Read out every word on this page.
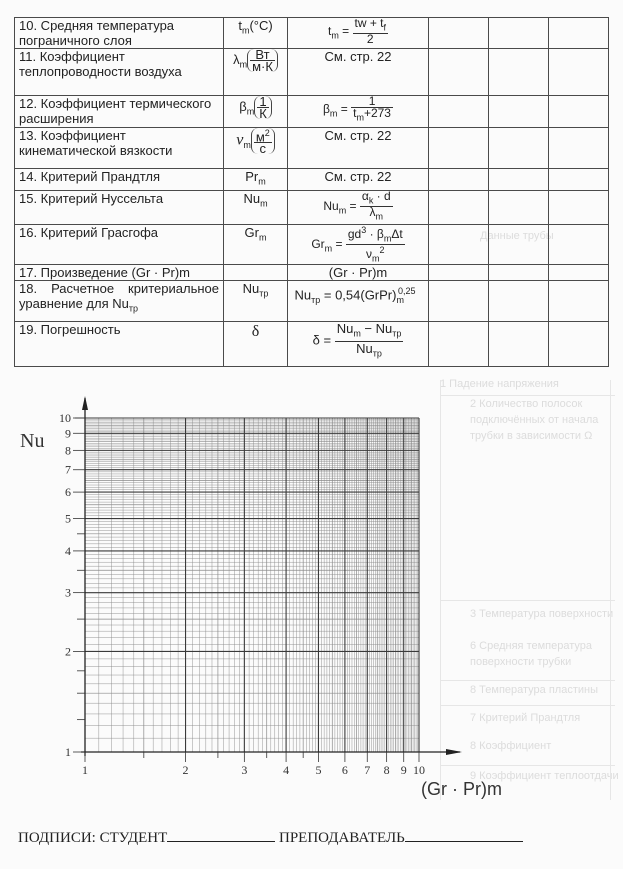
1 Падение напряжения
2 Количество полосок
подключённых от начала
трубки в зависимости Ω
3 Температура поверхности
6 Средняя температура
поверхности трубки
8 Температура пластины
7 Критерий Прандтля
8 Коэффициент
9 Коэффициент теплоотдачи
Данные трубы
10. Средняя температура пограничного слоя	$t_m(^\circ C)$	$t_m = \frac{tw + t_f}{2}$

11. Коэффициент теплопроводности воздуха	$\lambda_m \frac{Вт}{м\cdot К}$	См. стр. 22			
12. Коэффициент термического расширения	$\beta_m \frac{1}{К}$	$\beta_m = \frac{1}{t_m+273}$

13. Коэффициент кинематической вязкости	$\nu_m \frac{м^2}{с}$	См. стр. 22			
14. Критерий Прандтля	$Pr_m$	См. стр. 22			
15. Критерий Нуссельта	$Nu_m$	$Nu_m = \frac{\alpha_k \cdot d}{\lambda_m}$

16. Критерий Грасгофа	$Gr_m$	$Gr_m = \frac{gd^3 \cdot \beta_m\Delta t}{\nu_m^2}$

17. Произведение (Gr · Pr)m		(Gr · Pr)m			
18. Расчетное критериальное уравнение для $Nu_{тр}$	$Nu_{тр}$	$Nu_{тр}$ = $0,54(GrPr)_m^{0,25}$			
19. Погрешность	δ	$\delta = \frac{Nu_m - Nu_{тр}}{Nu_{тр}}$

Nu
1	2	3	4 5 6 7 8 9 10
1
2
3
4
5
6
7
8
9
10
(Gr · Pr)m
ПОДПИСИ: СТУДЕНТ	ПРЕПОДАВАТЕЛЬ
